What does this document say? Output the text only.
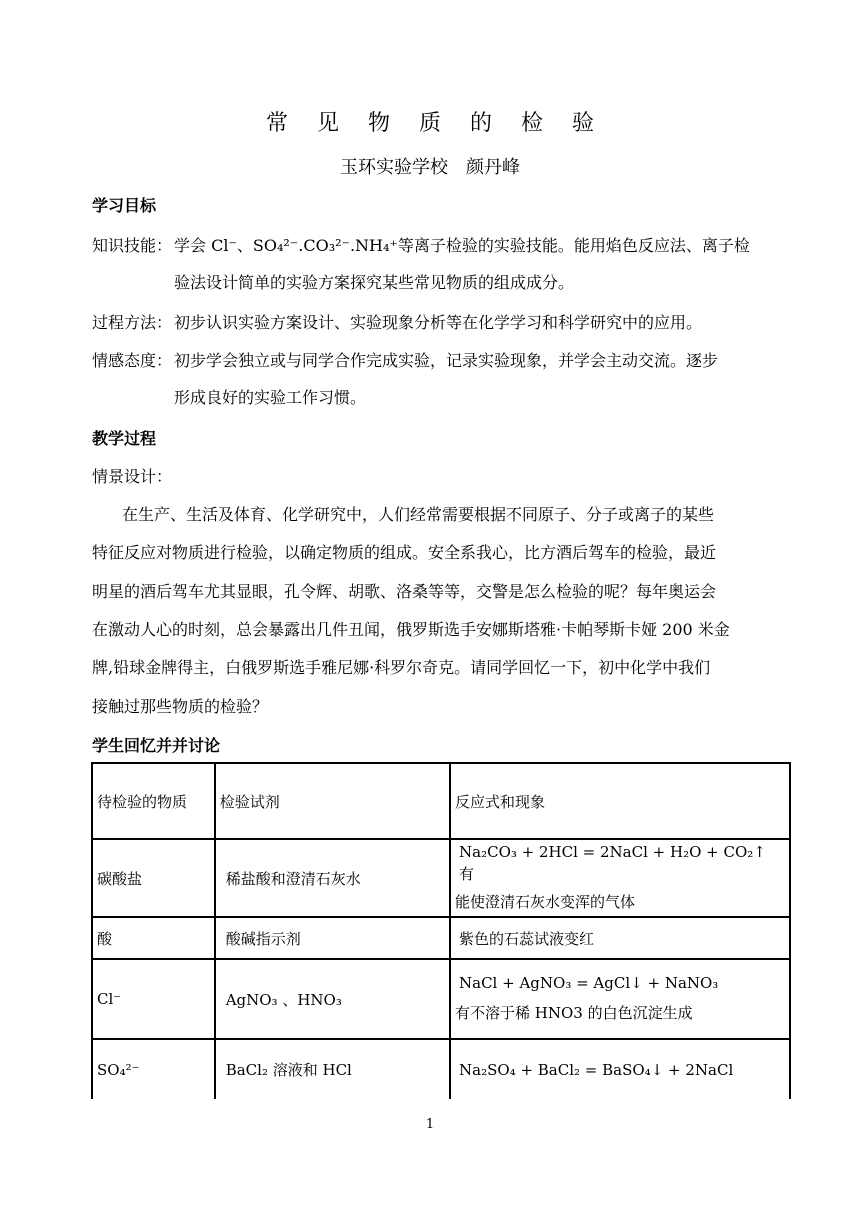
常 见 物 质 的 检 验
玉环实验学校　颜丹峰
学习目标
知识技能： 学会 Cl⁻、SO₄²⁻.CO₃²⁻.NH₄⁺等离子检验的实验技能。能用焰色反应法、离子检
验法设计简单的实验方案探究某些常见物质的组成成分。
过程方法： 初步认识实验方案设计、实验现象分析等在化学学习和科学研究中的应用。
情感态度： 初步学会独立或与同学合作完成实验，记录实验现象，并学会主动交流。逐步
形成良好的实验工作习惯。
教学过程
情景设计：
在生产、生活及体育、化学研究中，人们经常需要根据不同原子、分子或离子的某些
特征反应对物质进行检验，以确定物质的组成。安全系我心，比方酒后驾车的检验，最近
明星的酒后驾车尤其显眼，孔令辉、胡歌、洛桑等等，交警是怎么检验的呢？每年奥运会
在激动人心的时刻，总会暴露出几件丑闻，俄罗斯选手安娜斯塔雅·卡帕琴斯卡娅 200 米金
牌,铅球金牌得主，白俄罗斯选手雅尼娜·科罗尔奇克。请同学回忆一下，初中化学中我们
接触过那些物质的检验？
学生回忆并并讨论
待检验的物质	检验试剂	反应式和现象
碳酸盐	稀盐酸和澄清石灰水	Na₂CO₃ + 2HCl = 2NaCl + H₂O + CO₂↑　　有
能使澄清石灰水变浑的气体

酸	酸碱指示剂	紫色的石蕊试液变红
Cl⁻	AgNO₃ 、HNO₃	NaCl + AgNO₃ = AgCl↓ + NaNO₃
有不溶于稀 HNO3 的白色沉淀生成

SO₄²⁻	BaCl₂ 溶液和 HCl	Na₂SO₄ + BaCl₂ = BaSO₄↓ + 2NaCl
1
